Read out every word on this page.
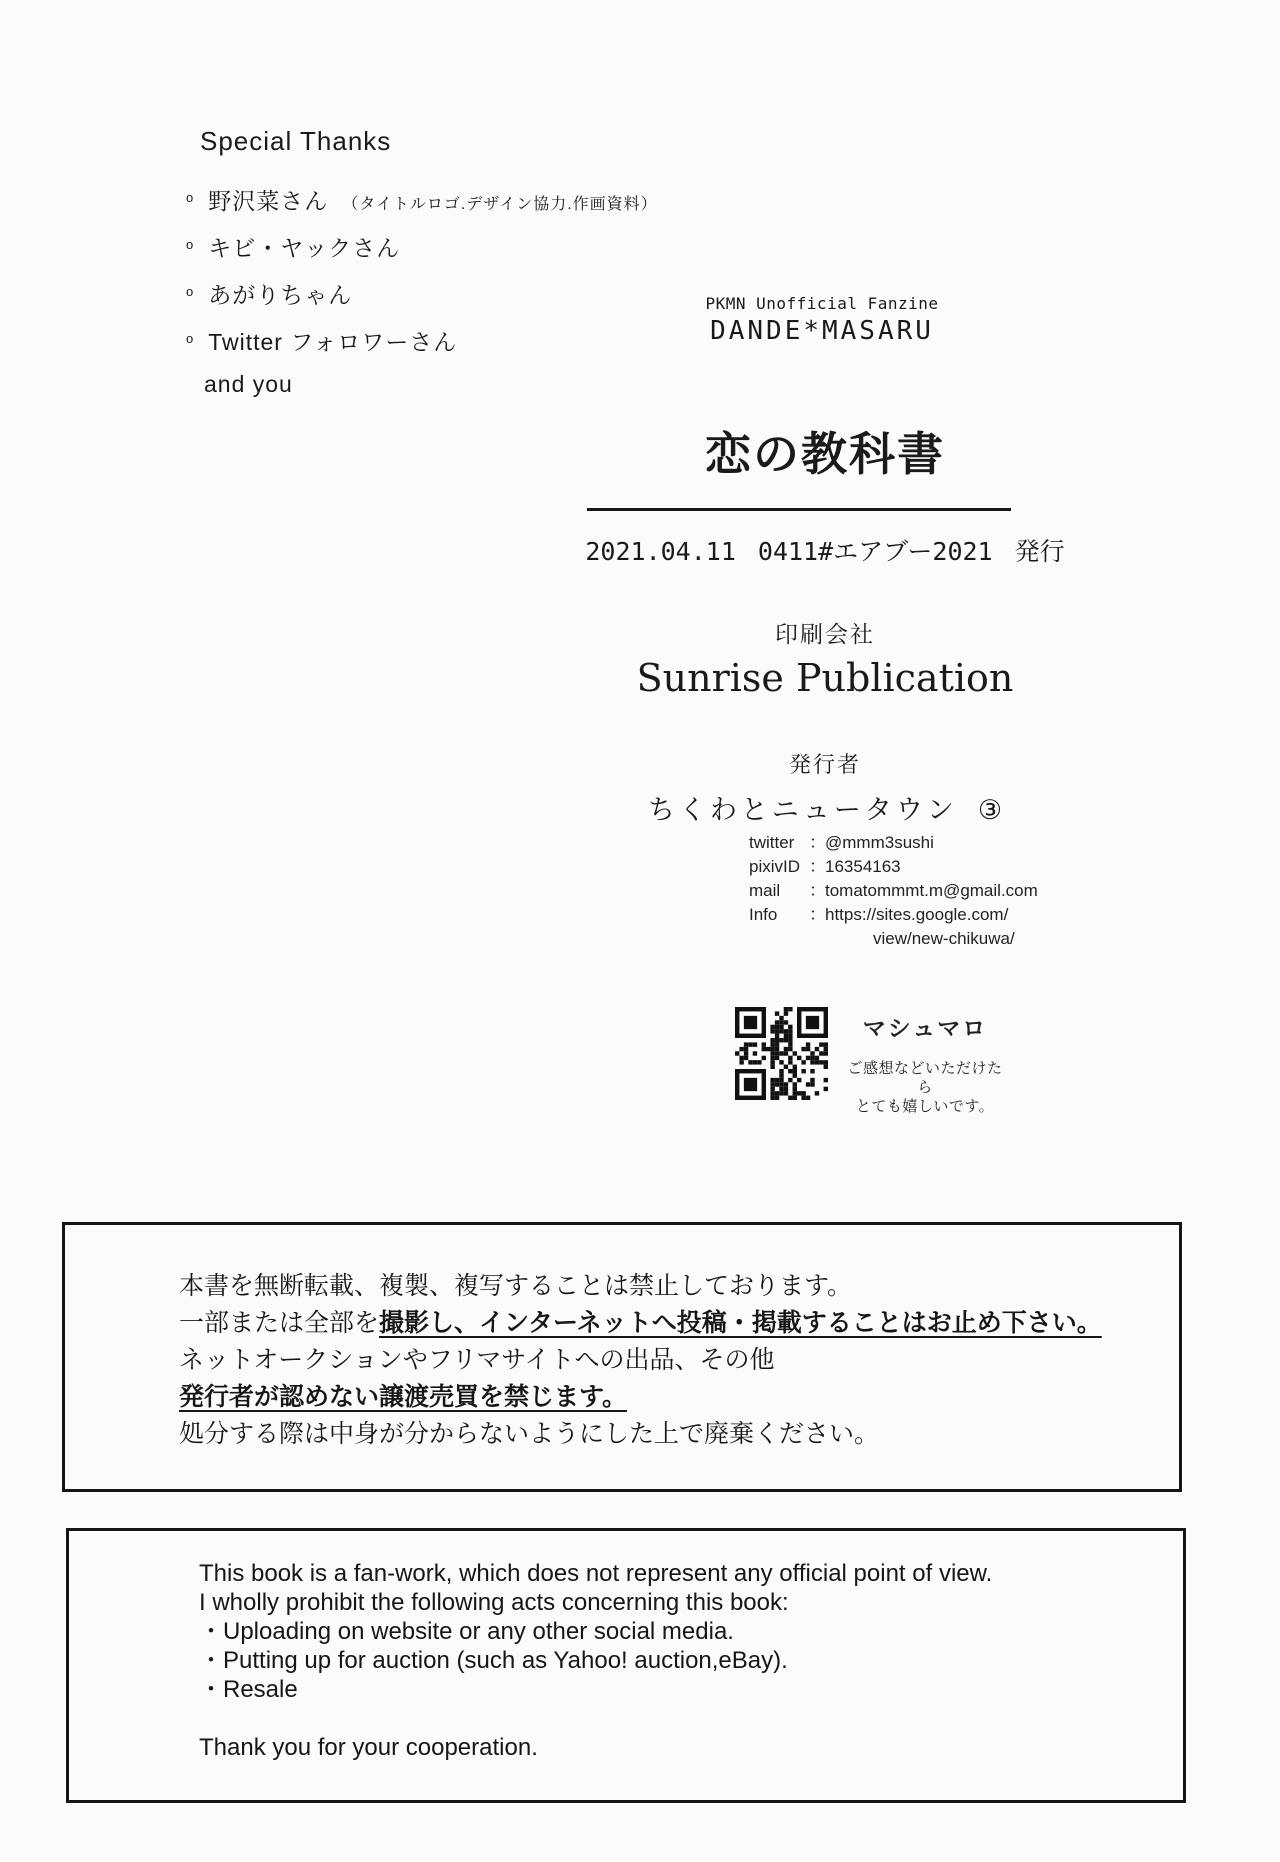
Special Thanks
$^o$ 野沢菜さん （タイトルロゴ.デザイン協力.作画資料）
$^o$ キビ・ヤックさん
$^o$ あがりちゃん
$^o$ Twitter フォロワーさん
and you
PKMN Unofficial Fanzine
DANDE*MASARU
恋の教科書
2021.04.11 0411#エアブー2021 発行
印刷会社
Sunrise Publication
発行者
ちくわとニュータウン ③
twitter ： @mmm3sushi
pixivID ： 16354163
mail	： tomatommmt.m@gmail.com
Info	： https://sites.google.com/
view/new-chikuwa/
マシュマロ
ご感想などいただけたら
とても嬉しいです。
本書を無断転載、複製、複写することは禁止しております。
一部または全部を撮影し、インターネットへ投稿・掲載することはお止め下さい。
ネットオークションやフリマサイトへの出品、その他
発行者が認めない譲渡売買を禁じます。
処分する際は中身が分からないようにした上で廃棄ください。
This book is a fan-work, which does not represent any official point of view.
I wholly prohibit the following acts concerning this book:
・Uploading on website or any other social media.
・Putting up for auction (such as Yahoo! auction,eBay).
・Resale
Thank you for your cooperation.
